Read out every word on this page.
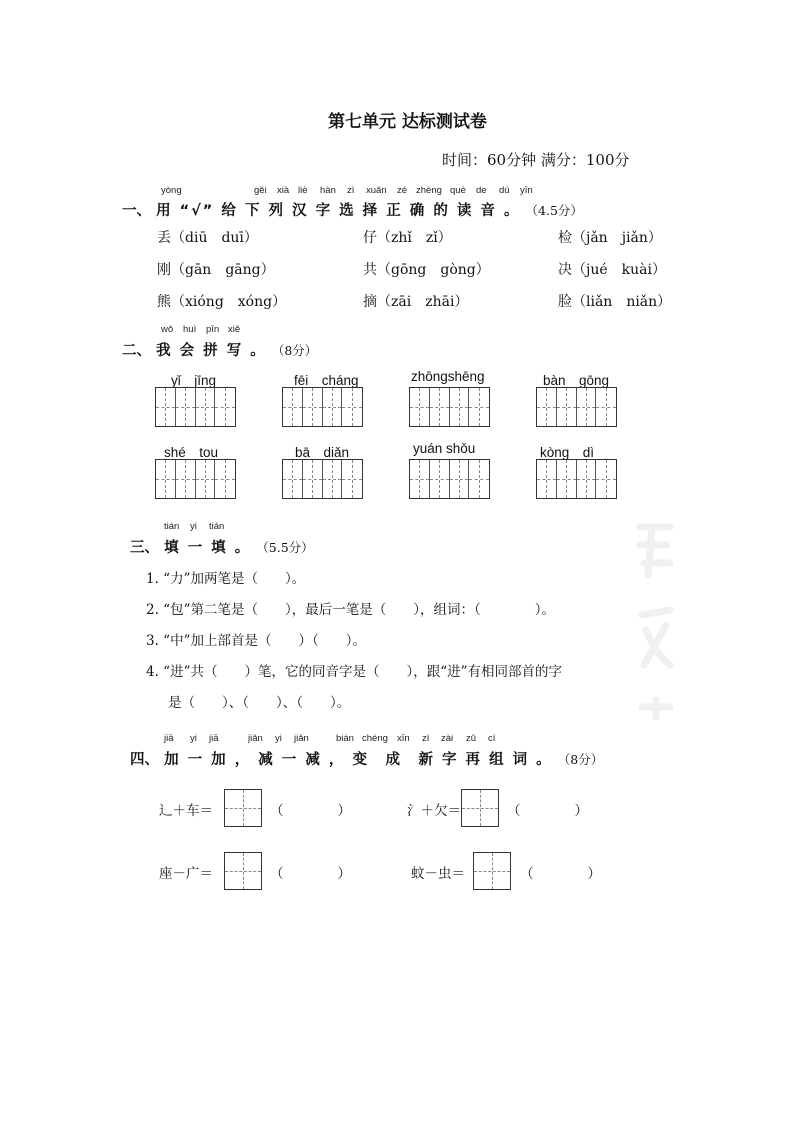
第七单元 达标测试卷
时间：60分钟 满分：100分
yòng	gěi xià liè hàn zì xuǎn zé zhèng què de dú yīn
一、 用 “√” 给 下 列 汉 字 选 择 正 确 的 读 音 。 （4.5分）
丢（diū　duī）	仔（zhǐ　zǐ）	检（jǎn　jiǎn）
刚（gān　gāng）	共（gōng　gòng）	决（jué　kuài）
熊（xióng　xóng）	摘（zāi　zhāi）	脸（liǎn　niǎn）
wǒ huì pīn xiě
二、 我 会 拼 写 。 （8分）
yǐ　jīng	fēi　cháng	zhōngshēng	bàn　gōng
shé　tou	bā　diǎn	yuán shǒu	kòng　dì
tián yi tián
三、 填 一 填 。 （5.5分）
1. “力”加两笔是（　　）。
2. “包”第二笔是（　　），最后一笔是（　　），组词：（　　　　）。
3. “中”加上部首是（　　）（　　）。
4. “进”共（　　）笔，它的同音字是（　　），跟“进”有相同部首的字
是（　　）、（　　）、（　　）。
jiā yi jiā	jiǎn yi jiǎn	biàn chéng xīn zì zài zǔ cí
四、 加 一 加 ， 减 一 减 ， 变　成　新 字 再 组 词 。 （8分）
辶＋车＝	（　　　　）	氵＋欠＝	（　　　　）
座－广＝	（　　　　）	蚊－虫＝	（　　　　）
